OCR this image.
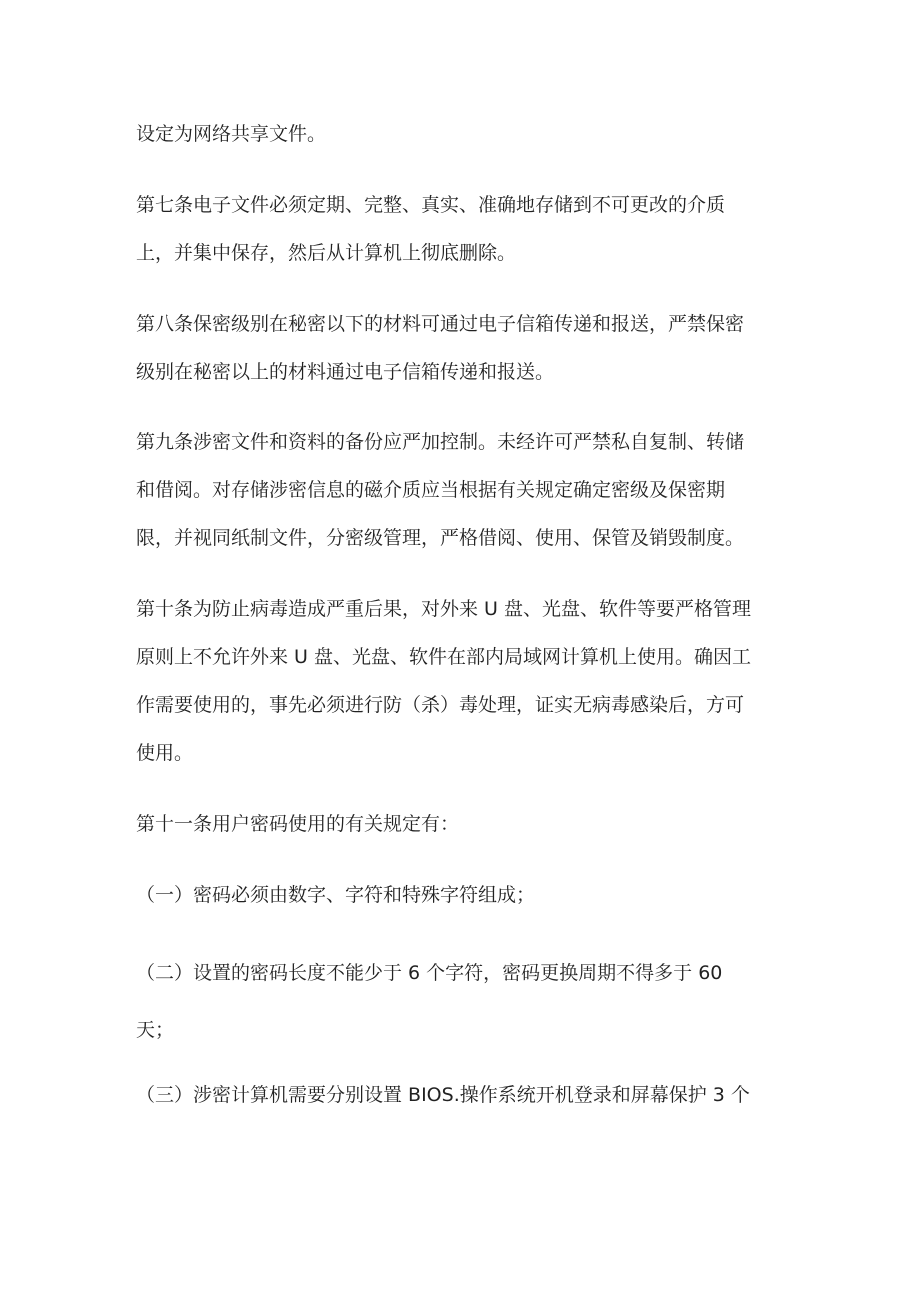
设定为网络共享文件。

第七条电子文件必须定期、完整、真实、准确地存储到不可更改的介质

上，并集中保存，然后从计算机上彻底删除。

第八条保密级别在秘密以下的材料可通过电子信箱传递和报送，严禁保密

级别在秘密以上的材料通过电子信箱传递和报送。

第九条涉密文件和资料的备份应严加控制。未经许可严禁私自复制、转储

和借阅。对存储涉密信息的磁介质应当根据有关规定确定密级及保密期

限，并视同纸制文件，分密级管理，严格借阅、使用、保管及销毁制度。

第十条为防止病毒造成严重后果，对外来 U 盘、光盘、软件等要严格管理

原则上不允许外来 U 盘、光盘、软件在部内局域网计算机上使用。确因工

作需要使用的，事先必须进行防（杀）毒处理，证实无病毒感染后，方可

使用。

第十一条用户密码使用的有关规定有：

（一）密码必须由数字、字符和特殊字符组成；

（二）设置的密码长度不能少于 6 个字符，密码更换周期不得多于 60

天；

（三）涉密计算机需要分别设置 BIOS.操作系统开机登录和屏幕保护 3 个
